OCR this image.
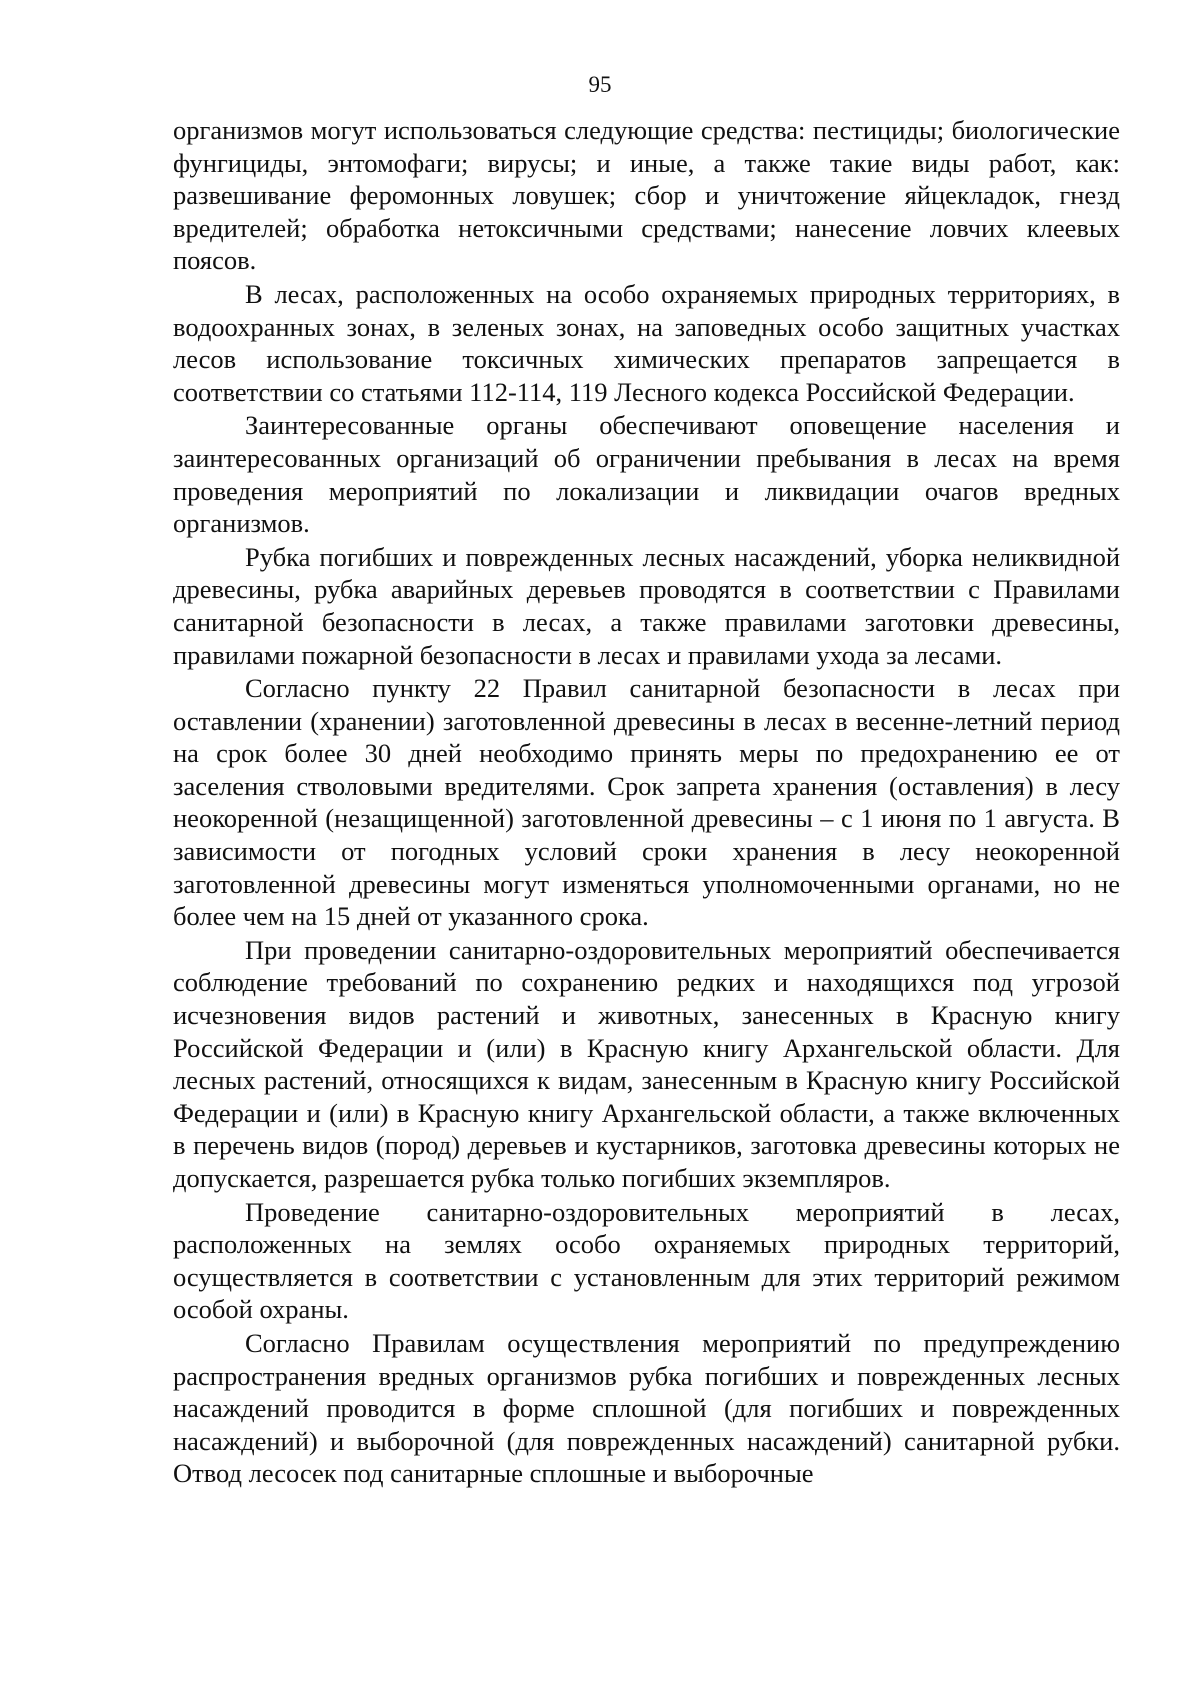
95

организмов могут использоваться следующие средства: пестициды; биологические фунгициды, энтомофаги; вирусы; и иные, а также такие виды работ, как: развешивание феромонных ловушек; сбор и уничтожение яйцекладок, гнезд вредителей; обработка нетоксичными средствами; нанесение ловчих клеевых поясов.

В лесах, расположенных на особо охраняемых природных территориях, в водоохранных зонах, в зеленых зонах, на заповедных особо защитных участках лесов использование токсичных химических препаратов запрещается в соответствии со статьями 112-114, 119 Лесного кодекса Российской Федерации.

Заинтересованные органы обеспечивают оповещение населения и заинтересованных организаций об ограничении пребывания в лесах на время проведения мероприятий по локализации и ликвидации очагов вредных организмов.

Рубка погибших и поврежденных лесных насаждений, уборка неликвидной древесины, рубка аварийных деревьев проводятся в соответствии с Правилами санитарной безопасности в лесах, а также правилами заготовки древесины, правилами пожарной безопасности в лесах и правилами ухода за лесами.

Согласно пункту 22 Правил санитарной безопасности в лесах при оставлении (хранении) заготовленной древесины в лесах в весенне-летний период на срок более 30 дней необходимо принять меры по предохранению ее от заселения стволовыми вредителями. Срок запрета хранения (оставления) в лесу неокоренной (незащищенной) заготовленной древесины – с 1 июня по 1 августа. В зависимости от погодных условий сроки хранения в лесу неокоренной заготовленной древесины могут изменяться уполномоченными органами, но не более чем на 15 дней от указанного срока.

При проведении санитарно-оздоровительных мероприятий обеспечивается соблюдение требований по сохранению редких и находящихся под угрозой исчезновения видов растений и животных, занесенных в Красную книгу Российской Федерации и (или) в Красную книгу Архангельской области. Для лесных растений, относящихся к видам, занесенным в Красную книгу Российской Федерации и (или) в Красную книгу Архангельской области, а также включенных в перечень видов (пород) деревьев и кустарников, заготовка древесины которых не допускается, разрешается рубка только погибших экземпляров.

Проведение санитарно-оздоровительных мероприятий в лесах, расположенных на землях особо охраняемых природных территорий, осуществляется в соответствии с установленным для этих территорий режимом особой охраны.

Согласно Правилам осуществления мероприятий по предупреждению распространения вредных организмов рубка погибших и поврежденных лесных насаждений проводится в форме сплошной (для погибших и поврежденных насаждений) и выборочной (для поврежденных насаждений) санитарной рубки. Отвод лесосек под санитарные сплошные и выборочные
